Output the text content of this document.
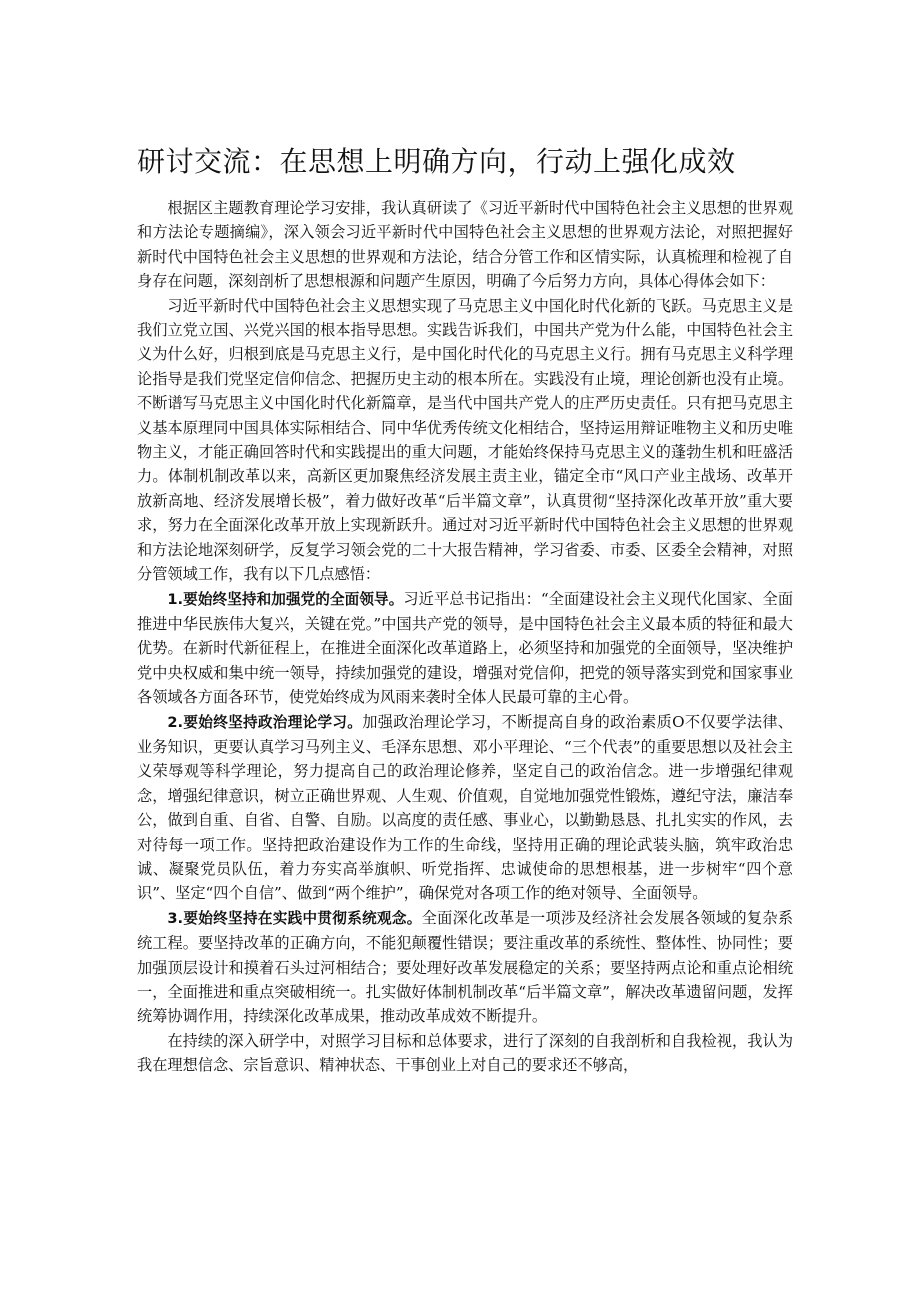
研讨交流：在思想上明确方向，行动上强化成效

根据区主题教育理论学习安排，我认真研读了《习近平新时代中国特色社会主义思想的世界观和方法论专题摘编》，深入领会习近平新时代中国特色社会主义思想的世界观方法论，对照把握好新时代中国特色社会主义思想的世界观和方法论，结合分管工作和区情实际，认真梳理和检视了自身存在问题，深刻剖析了思想根源和问题产生原因，明确了今后努力方向，具体心得体会如下：

习近平新时代中国特色社会主义思想实现了马克思主义中国化时代化新的飞跃。马克思主义是我们立党立国、兴党兴国的根本指导思想。实践告诉我们，中国共产党为什么能，中国特色社会主义为什么好，归根到底是马克思主义行，是中国化时代化的马克思主义行。拥有马克思主义科学理论指导是我们党坚定信仰信念、把握历史主动的根本所在。实践没有止境，理论创新也没有止境。不断谱写马克思主义中国化时代化新篇章，是当代中国共产党人的庄严历史责任。只有把马克思主义基本原理同中国具体实际相结合、同中华优秀传统文化相结合，坚持运用辩证唯物主义和历史唯物主义，才能正确回答时代和实践提出的重大问题，才能始终保持马克思主义的蓬勃生机和旺盛活力。体制机制改革以来，高新区更加聚焦经济发展主责主业，锚定全市“风口产业主战场、改革开放新高地、经济发展增长极”，着力做好改革“后半篇文章”，认真贯彻“坚持深化改革开放”重大要求，努力在全面深化改革开放上实现新跃升。通过对习近平新时代中国特色社会主义思想的世界观和方法论地深刻研学，反复学习领会党的二十大报告精神，学习省委、市委、区委全会精神，对照分管领域工作，我有以下几点感悟：

1.要始终坚持和加强党的全面领导。习近平总书记指出：“全面建设社会主义现代化国家、全面推进中华民族伟大复兴，关键在党。”中国共产党的领导，是中国特色社会主义最本质的特征和最大优势。在新时代新征程上，在推进全面深化改革道路上，必须坚持和加强党的全面领导，坚决维护党中央权威和集中统一领导，持续加强党的建设，增强对党信仰，把党的领导落实到党和国家事业各领域各方面各环节，使党始终成为风雨来袭时全体人民最可靠的主心骨。

2.要始终坚持政治理论学习。加强政治理论学习，不断提高自身的政治素质O不仅要学法律、业务知识，更要认真学习马列主义、毛泽东思想、邓小平理论、“三个代表”的重要思想以及社会主义荣辱观等科学理论，努力提高自己的政治理论修养，坚定自己的政治信念。进一步增强纪律观念，增强纪律意识，树立正确世界观、人生观、价值观，自觉地加强党性锻炼，遵纪守法，廉洁奉公，做到自重、自省、自警、自励。以高度的责任感、事业心，以勤勤恳恳、扎扎实实的作风，去对待每一项工作。坚持把政治建设作为工作的生命线，坚持用正确的理论武装头脑，筑牢政治忠诚、凝聚党员队伍，着力夯实高举旗帜、听党指挥、忠诚使命的思想根基，进一步树牢“四个意识”、坚定“四个自信”、做到“两个维护”，确保党对各项工作的绝对领导、全面领导。

3.要始终坚持在实践中贯彻系统观念。全面深化改革是一项涉及经济社会发展各领域的复杂系统工程。要坚持改革的正确方向，不能犯颠覆性错误；要注重改革的系统性、整体性、协同性；要加强顶层设计和摸着石头过河相结合；要处理好改革发展稳定的关系；要坚持两点论和重点论相统一，全面推进和重点突破相统一。扎实做好体制机制改革“后半篇文章”，解决改革遗留问题，发挥统筹协调作用，持续深化改革成果，推动改革成效不断提升。

在持续的深入研学中，对照学习目标和总体要求，进行了深刻的自我剖析和自我检视，我认为我在理想信念、宗旨意识、精神状态、干事创业上对自己的要求还不够高，
